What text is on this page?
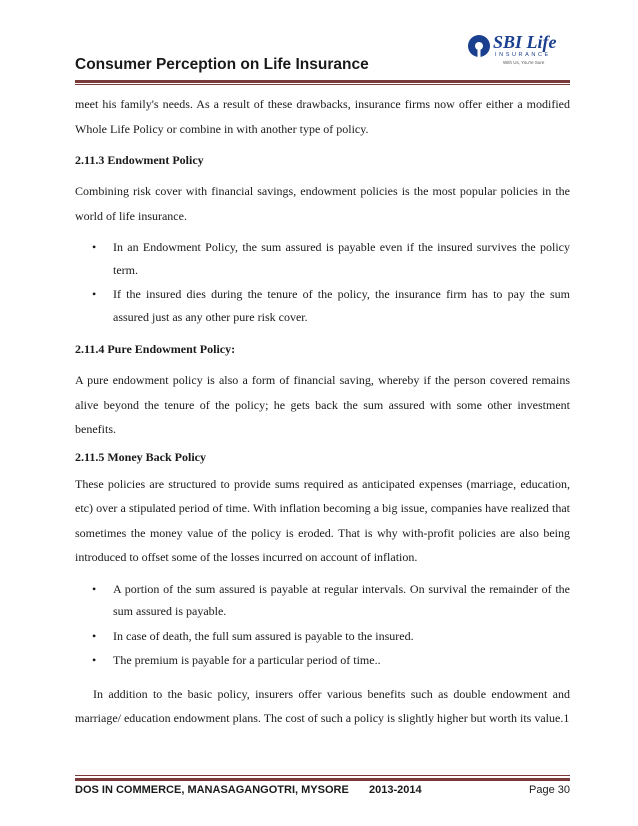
Consumer Perception on Life Insurance
SBI Life
INSURANCE
With Us, You're Sure

meet his family's needs. As a result of these drawbacks, insurance firms now offer either a modified Whole Life Policy or combine in with another type of policy.

2.11.3 Endowment Policy

Combining risk cover with financial savings, endowment policies is the most popular policies in the world of life insurance.

• In an Endowment Policy, the sum assured is payable even if the insured survives the policy term.
• If the insured dies during the tenure of the policy, the insurance firm has to pay the sum assured just as any other pure risk cover.

2.11.4 Pure Endowment Policy:

A pure endowment policy is also a form of financial saving, whereby if the person covered remains alive beyond the tenure of the policy; he gets back the sum assured with some other investment benefits.

2.11.5 Money Back Policy

These policies are structured to provide sums required as anticipated expenses (marriage, education, etc) over a stipulated period of time. With inflation becoming a big issue, companies have realized that sometimes the money value of the policy is eroded. That is why with-profit policies are also being introduced to offset some of the losses incurred on account of inflation.

• A portion of the sum assured is payable at regular intervals. On survival the remainder of the sum assured is payable.
• In case of death, the full sum assured is payable to the insured.
• The premium is payable for a particular period of time..

In addition to the basic policy, insurers offer various benefits such as double endowment and marriage/ education endowment plans. The cost of such a policy is slightly higher but worth its value.1

DOS IN COMMERCE, MANASAGANGOTRI, MYSORE 2013-2014	Page 30
